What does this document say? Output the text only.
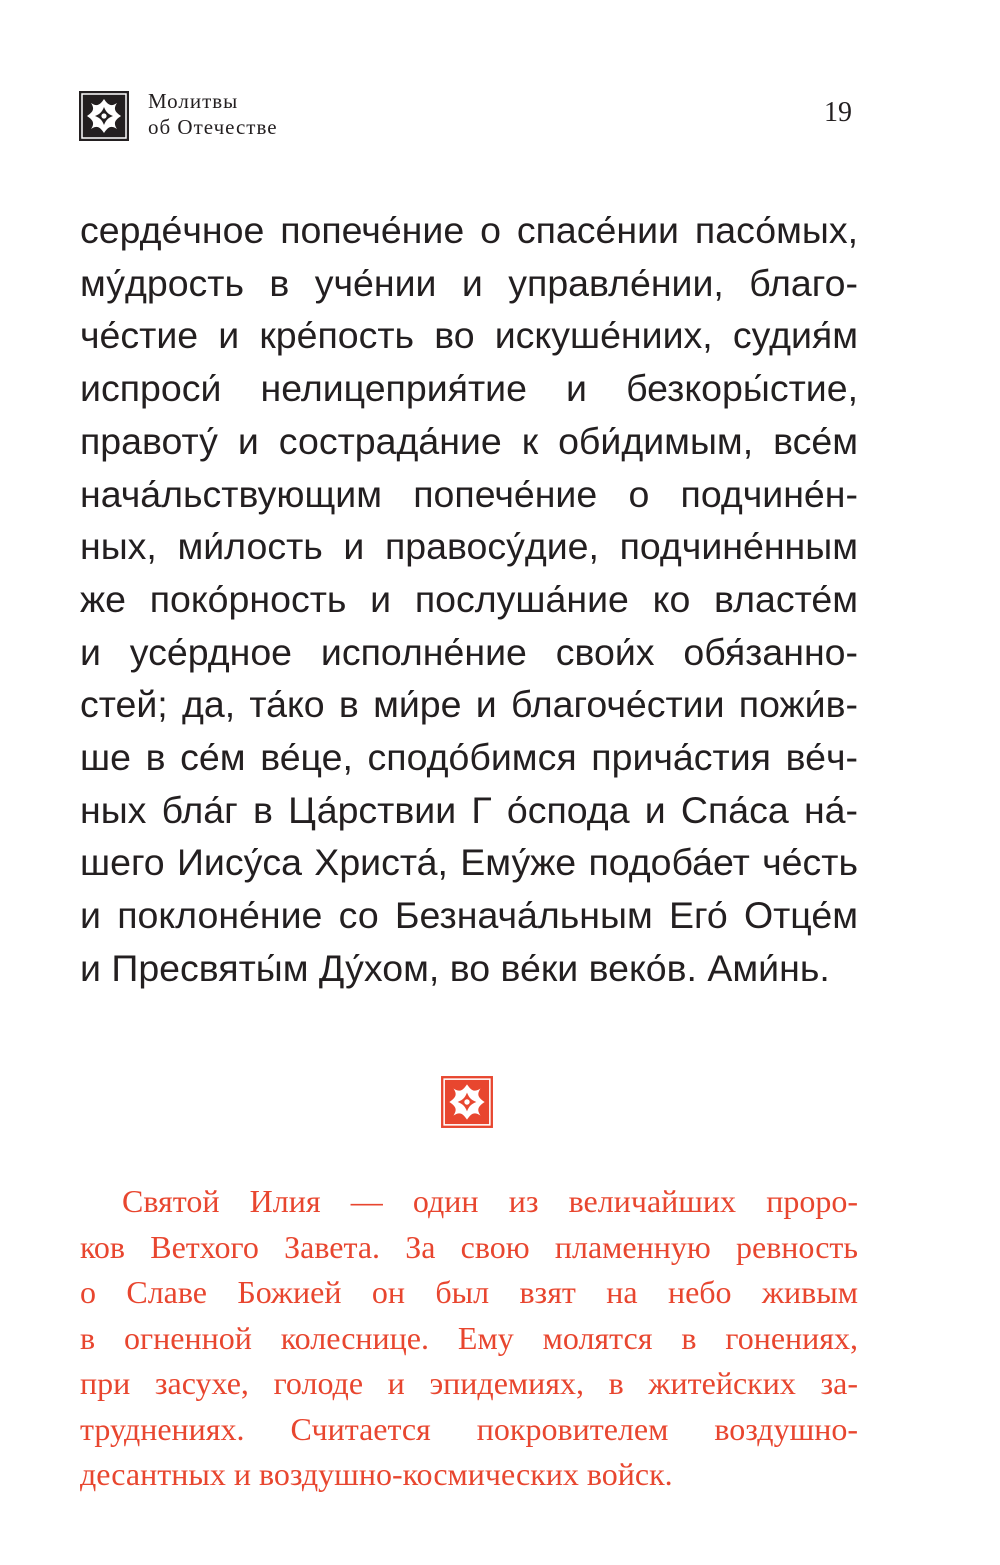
Молитвы
об Отечестве	19
серде́чное попече́ние о спасе́нии пасо́мых,
му́дрость в уче́нии и управле́нии, благо-
че́стие и кре́пость во искуше́ниих, судия́м
испроси́ нелицеприя́тие и безкоры́стие,
правоту́ и сострада́ние к оби́димым, все́м
нача́льствующим попече́ние о подчине́н-
ных, ми́лость и правосу́дие, подчине́нным
же поко́рность и послуша́ние ко власте́м
и усе́рдное исполне́ние свои́х обя́занно-
стей; да, та́ко в ми́ре и благоче́стии пожи́в-
ше в се́м ве́це, сподо́бимся прича́стия ве́ч-
ных бла́г в Ца́рствии Г о́спода и Спа́са на́-
шего Иису́са Христа́, Ему́же подоба́ет че́сть
и поклоне́ние со Безнача́льным Его́ Отце́м
и Пресвяты́м Ду́хом, во ве́ки веко́в. Ами́нь.
Святой Илия — один из величайших проро-
ков Ветхого Завета. За свою пламенную ревность
о Славе Божией он был взят на небо живым
в огненной колеснице. Ему молятся в гонениях,
при засухе, голоде и эпидемиях, в житейских за-
труднениях. Считается покровителем воздушно-
десантных и воздушно-космических войск.
